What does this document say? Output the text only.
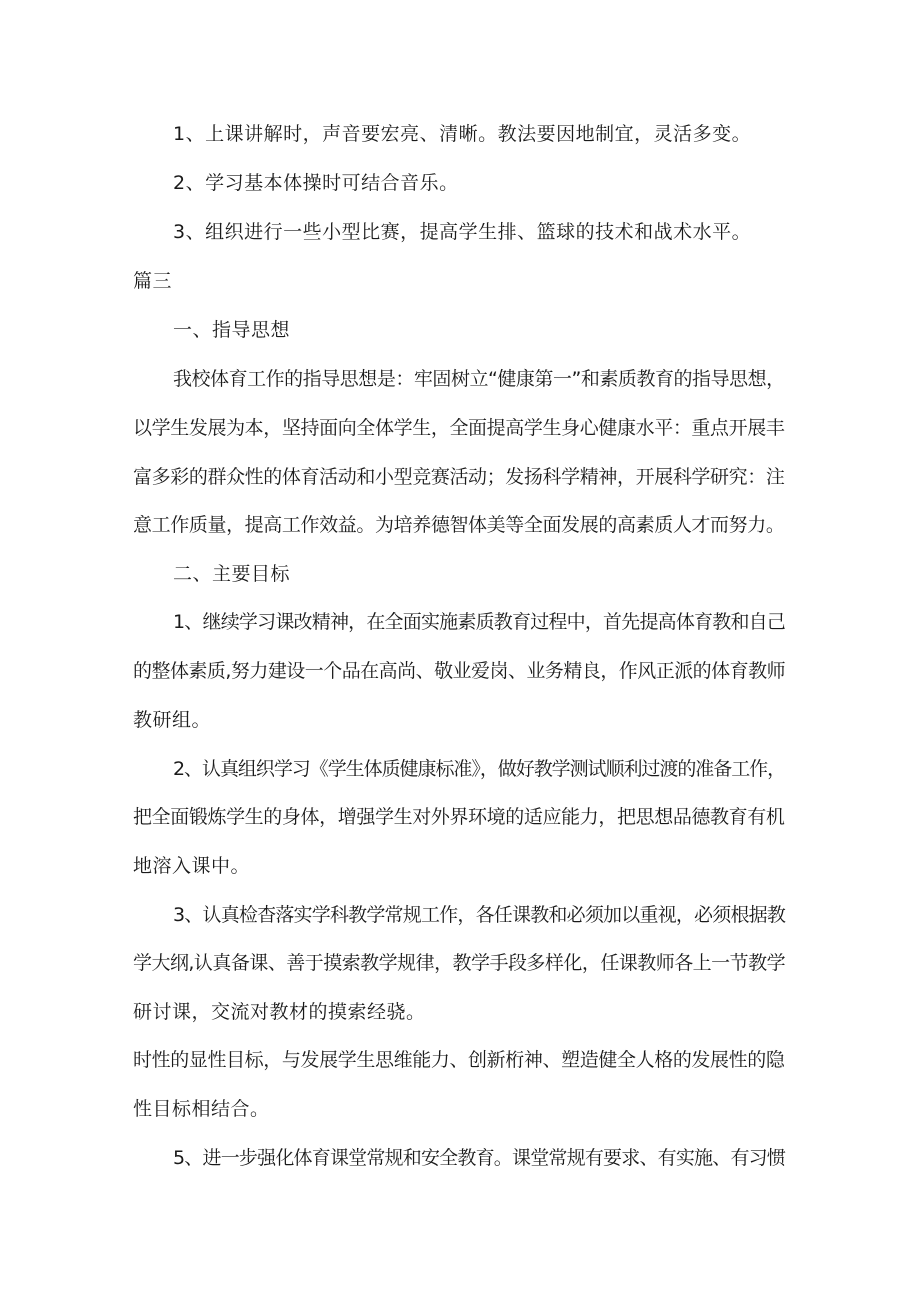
1、上课讲解时，声音要宏亮、清晰。教法要因地制宜，灵活多变。
2、学习基本体操时可结合音乐。
3、组织进行一些小型比赛，提高学生排、篮球的技术和战术水平。
篇三
一、指导思想
我校体育工作的指导思想是：牢固树立“健康第一”和素质教育的指导思想，
以学生发展为本，坚持面向全体学生，全面提高学生身心健康水平：重点开展丰
富多彩的群众性的体育活动和小型竞赛活动；发扬科学精神，开展科学研究：注
意工作质量，提高工作效益。为培养德智体美等全面发展的高素质人才而努力。
二、主要目标
1、继续学习课改精神，在全面实施素质教育过程中，首先提高体育教和自己
的整体素质,努力建设一个品在高尚、敬业爱岗、业务精良，作风正派的体育教师
教研组。
2、认真组织学习《学生体质健康标准》，做好教学测试顺利过渡的准备工作，
把全面锻炼学生的身体，增强学生对外界环境的适应能力，把思想品德教育有机
地溶入课中。
3、认真检杳落实学科教学常规工作，各任课教和必须加以重视，必须根据教
学大纲,认真备课、善于摸索教学规律，教学手段多样化，任课教师各上一节教学
研讨课，交流对教材的摸索经骁。
时性的显性目标，与发展学生思维能力、创新桁神、塑造健全人格的发展性的隐
性目标相结合。
5、进一步强化体育课堂常规和安全教育。课堂常规有要求、有实施、有习惯
